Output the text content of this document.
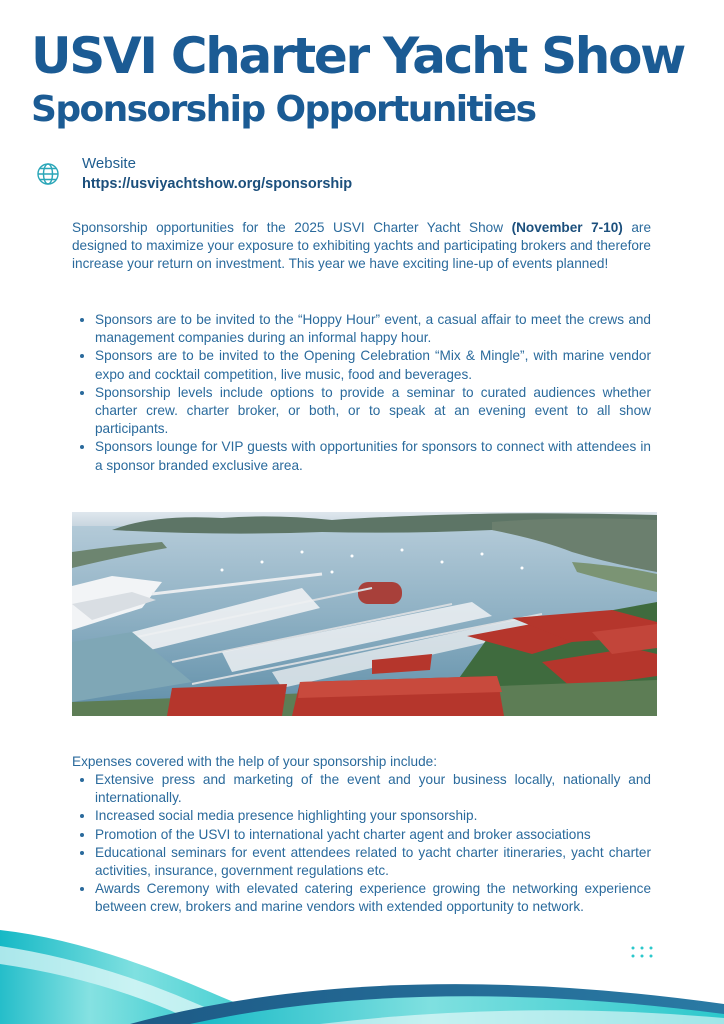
USVI Charter Yacht Show
Sponsorship Opportunities
Website
https://usviyachtshow.org/sponsorship

Sponsorship opportunities for the 2025 USVI Charter Yacht Show (November 7-10) are designed to maximize your exposure to exhibiting yachts and participating brokers and therefore increase your return on investment. This year we have exciting line-up of events planned!

• Sponsors are to be invited to the “Hoppy Hour” event, a casual affair to meet the crews and management companies during an informal happy hour.
• Sponsors are to be invited to the Opening Celebration “Mix & Mingle”, with marine vendor expo and cocktail competition, live music, food and beverages.
• Sponsorship levels include options to provide a seminar to curated audiences whether charter crew. charter broker, or both, or to speak at an evening event to all show participants.
• Sponsors lounge for VIP guests with opportunities for sponsors to connect with attendees in a sponsor branded exclusive area.
Expenses covered with the help of your sponsorship include:
• Extensive press and marketing of the event and your business locally, nationally and internationally.
• Increased social media presence highlighting your sponsorship.
• Promotion of the USVI to international yacht charter agent and broker associations
• Educational seminars for event attendees related to yacht charter itineraries, yacht charter activities, insurance, government regulations etc.
• Awards Ceremony with elevated catering experience growing the networking experience between crew, brokers and marine vendors with extended opportunity to network.
